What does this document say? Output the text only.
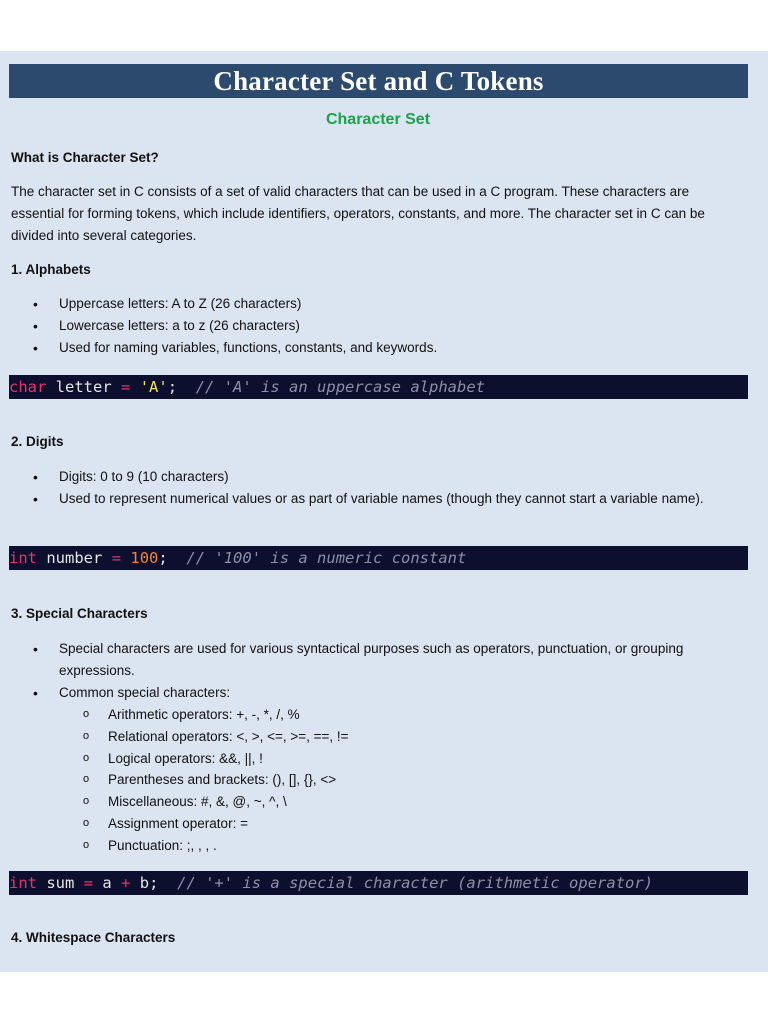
Character Set and C Tokens
Character Set
What is Character Set?
The character set in C consists of a set of valid characters that can be used in a C program. These characters are essential for forming tokens, which include identifiers, operators, constants, and more. The character set in C can be divided into several categories.
1. Alphabets
• Uppercase letters: A to Z (26 characters)
• Lowercase letters: a to z (26 characters)
• Used for naming variables, functions, constants, and keywords.
char
letter
=
'A' ;
// 'A' is an uppercase alphabet
2. Digits
• Digits: 0 to 9 (10 characters)
• Used to represent numerical values or as part of variable names (though they cannot start a variable name).
int
number
=
100 ;
// '100' is a numeric constant
3. Special Characters
• Special characters are used for various syntactical purposes such as operators, punctuation, or grouping expressions.
• Common special characters:
o Arithmetic operators: +, -, *, /, %
o Relational operators: <, >, <=, >=, ==, !=
o Logical operators: &&, ||, !
o Parentheses and brackets: (), [], {}, <>
o Miscellaneous: #, &, @, ~, ^, \
o Assignment operator: =
o Punctuation: ;, , , .
int
sum
=
a
+
b ;
// '+' is a special character (arithmetic operator)
4. Whitespace Characters
